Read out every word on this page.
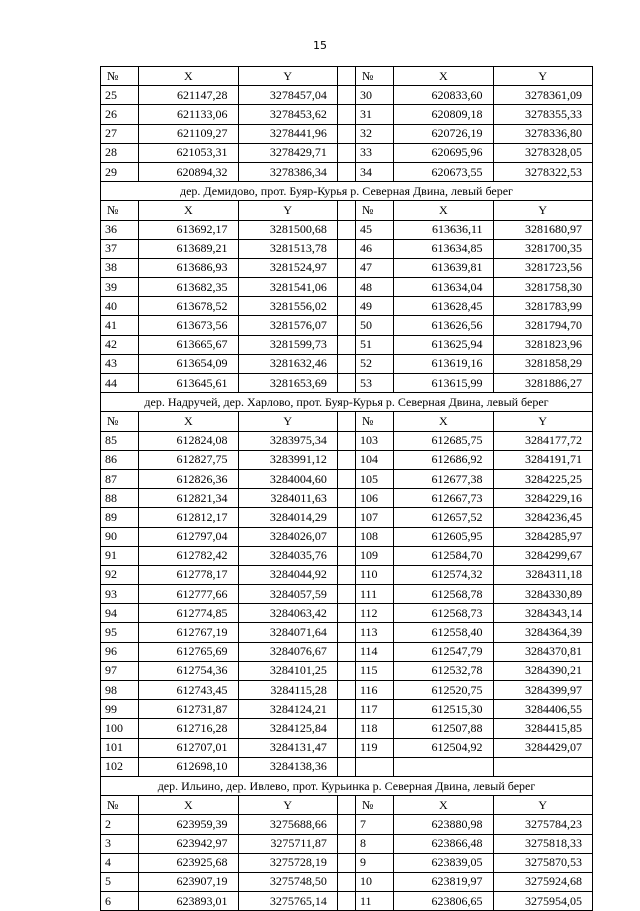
15
№	X	Y		№	X	Y
25	621147,28	3278457,04		30	620833,60	3278361,09
26	621133,06	3278453,62		31	620809,18	3278355,33
27	621109,27	3278441,96		32	620726,19	3278336,80
28	621053,31	3278429,71		33	620695,96	3278328,05
29	620894,32	3278386,34		34	620673,55	3278322,53
дер. Демидово, прот. Буяр-Курья р. Северная Двина, левый берег						
№	X	Y		№	X	Y
36	613692,17	3281500,68		45	613636,11	3281680,97
37	613689,21	3281513,78		46	613634,85	3281700,35
38	613686,93	3281524,97		47	613639,81	3281723,56
39	613682,35	3281541,06		48	613634,04	3281758,30
40	613678,52	3281556,02		49	613628,45	3281783,99
41	613673,56	3281576,07		50	613626,56	3281794,70
42	613665,67	3281599,73		51	613625,94	3281823,96
43	613654,09	3281632,46		52	613619,16	3281858,29
44	613645,61	3281653,69		53	613615,99	3281886,27
дер. Надручей, дер. Харлово, прот. Буяр-Курья р. Северная Двина, левый берег						
№	X	Y		№	X	Y
85	612824,08	3283975,34		103	612685,75	3284177,72
86	612827,75	3283991,12		104	612686,92	3284191,71
87	612826,36	3284004,60		105	612677,38	3284225,25
88	612821,34	3284011,63		106	612667,73	3284229,16
89	612812,17	3284014,29		107	612657,52	3284236,45
90	612797,04	3284026,07		108	612605,95	3284285,97
91	612782,42	3284035,76		109	612584,70	3284299,67
92	612778,17	3284044,92		110	612574,32	3284311,18
93	612777,66	3284057,59		111	612568,78	3284330,89
94	612774,85	3284063,42		112	612568,73	3284343,14
95	612767,19	3284071,64		113	612558,40	3284364,39
96	612765,69	3284076,67		114	612547,79	3284370,81
97	612754,36	3284101,25		115	612532,78	3284390,21
98	612743,45	3284115,28		116	612520,75	3284399,97
99	612731,87	3284124,21		117	612515,30	3284406,55
100	612716,28	3284125,84		118	612507,88	3284415,85
101	612707,01	3284131,47		119	612504,92	3284429,07
102	612698,10	3284138,36				
дер. Ильино, дер. Ивлево, прот. Курьинка р. Северная Двина, левый берег						
№	X	Y		№	X	Y
2	623959,39	3275688,66		7	623880,98	3275784,23
3	623942,97	3275711,87		8	623866,48	3275818,33
4	623925,68	3275728,19		9	623839,05	3275870,53
5	623907,19	3275748,50		10	623819,97	3275924,68
6	623893,01	3275765,14		11	623806,65	3275954,05
